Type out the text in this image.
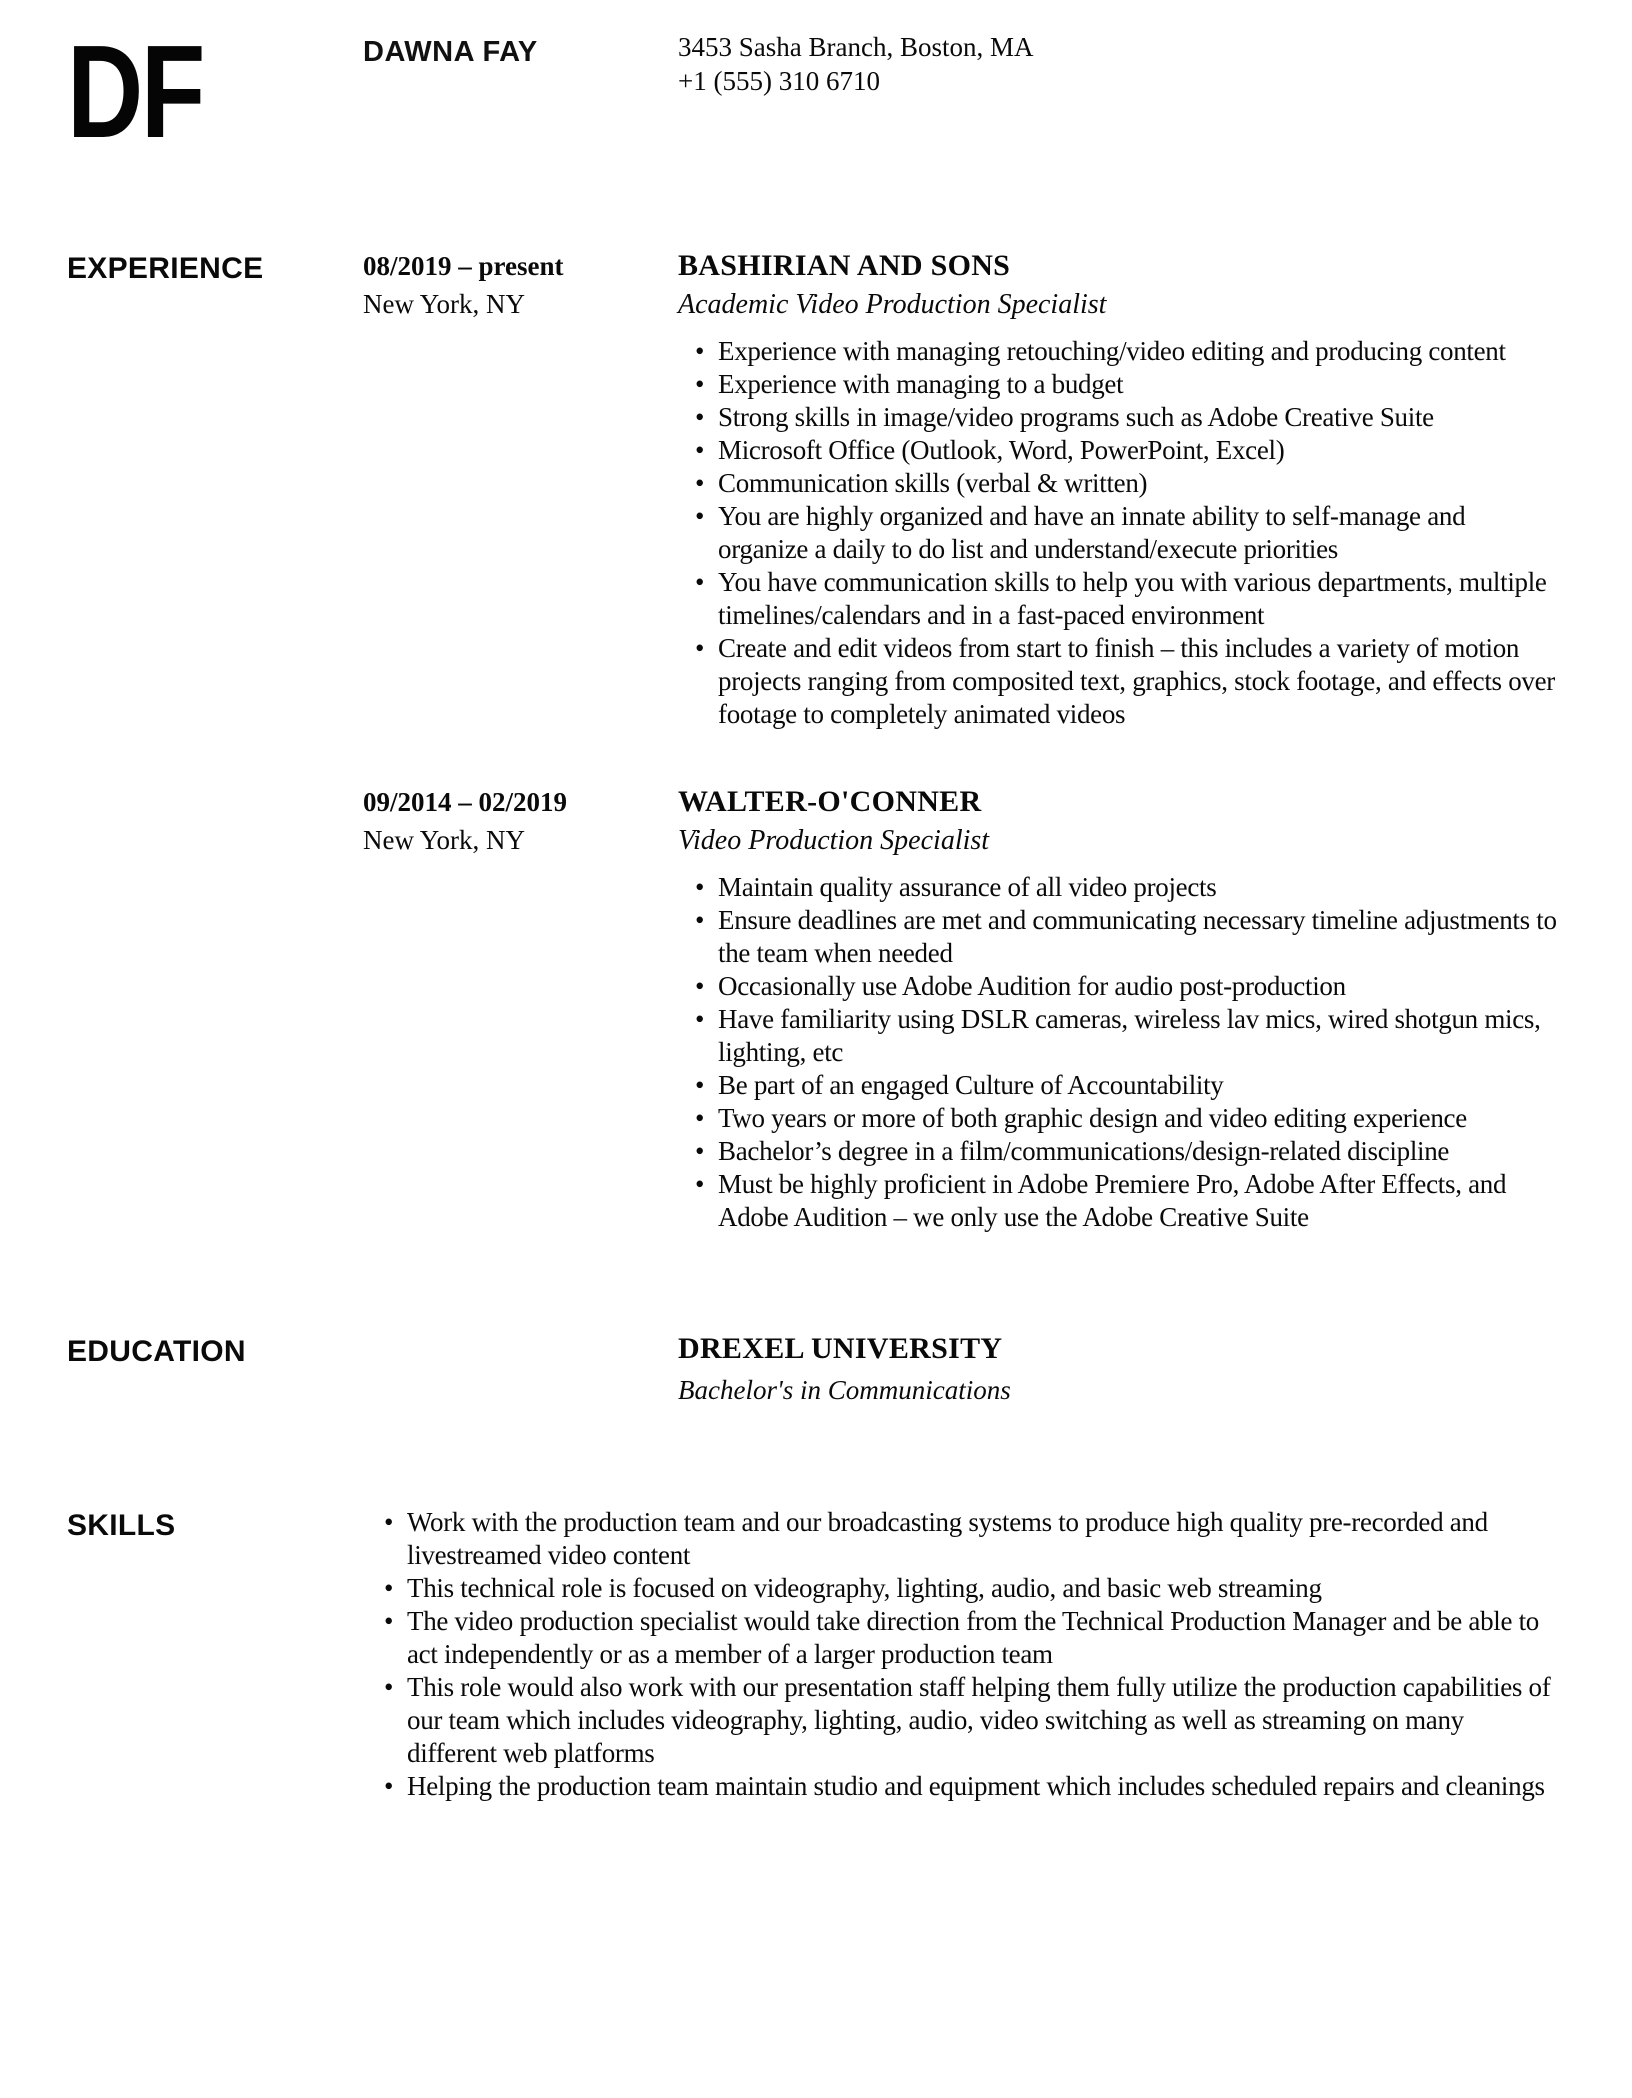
DF	DAWNA FAY	3453 Sasha Branch, Boston, MA
+1 (555) 310 6710
EXPERIENCE	08/2019 – present
New York, NY
BASHIRIAN AND SONS
Academic Video Production Specialist
• Experience with managing retouching/video editing and producing content
• Experience with managing to a budget
• Strong skills in image/video programs such as Adobe Creative Suite
• Microsoft Office (Outlook, Word, PowerPoint, Excel)
• Communication skills (verbal & written)
• You are highly organized and have an innate ability to self-manage and organize a daily to do list and understand/execute priorities
• You have communication skills to help you with various departments, multiple timelines/calendars and in a fast-paced environment
• Create and edit videos from start to finish – this includes a variety of motion projects ranging from composited text, graphics, stock footage, and effects over footage to completely animated videos
09/2014 – 02/2019
New York, NY
WALTER-O'CONNER
Video Production Specialist
• Maintain quality assurance of all video projects
• Ensure deadlines are met and communicating necessary timeline adjustments to the team when needed
• Occasionally use Adobe Audition for audio post-production
• Have familiarity using DSLR cameras, wireless lav mics, wired shotgun mics, lighting, etc
• Be part of an engaged Culture of Accountability
• Two years or more of both graphic design and video editing experience
• Bachelor’s degree in a film/communications/design-related discipline
• Must be highly proficient in Adobe Premiere Pro, Adobe After Effects, and Adobe Audition – we only use the Adobe Creative Suite
EDUCATION	DREXEL UNIVERSITY
Bachelor's in Communications
SKILLS	• Work with the production team and our broadcasting systems to produce high quality pre-recorded and livestreamed video content
• This technical role is focused on videography, lighting, audio, and basic web streaming
• The video production specialist would take direction from the Technical Production Manager and be able to act independently or as a member of a larger production team
• This role would also work with our presentation staff helping them fully utilize the production capabilities of our team which includes videography, lighting, audio, video switching as well as streaming on many different web platforms
• Helping the production team maintain studio and equipment which includes scheduled repairs and cleanings
